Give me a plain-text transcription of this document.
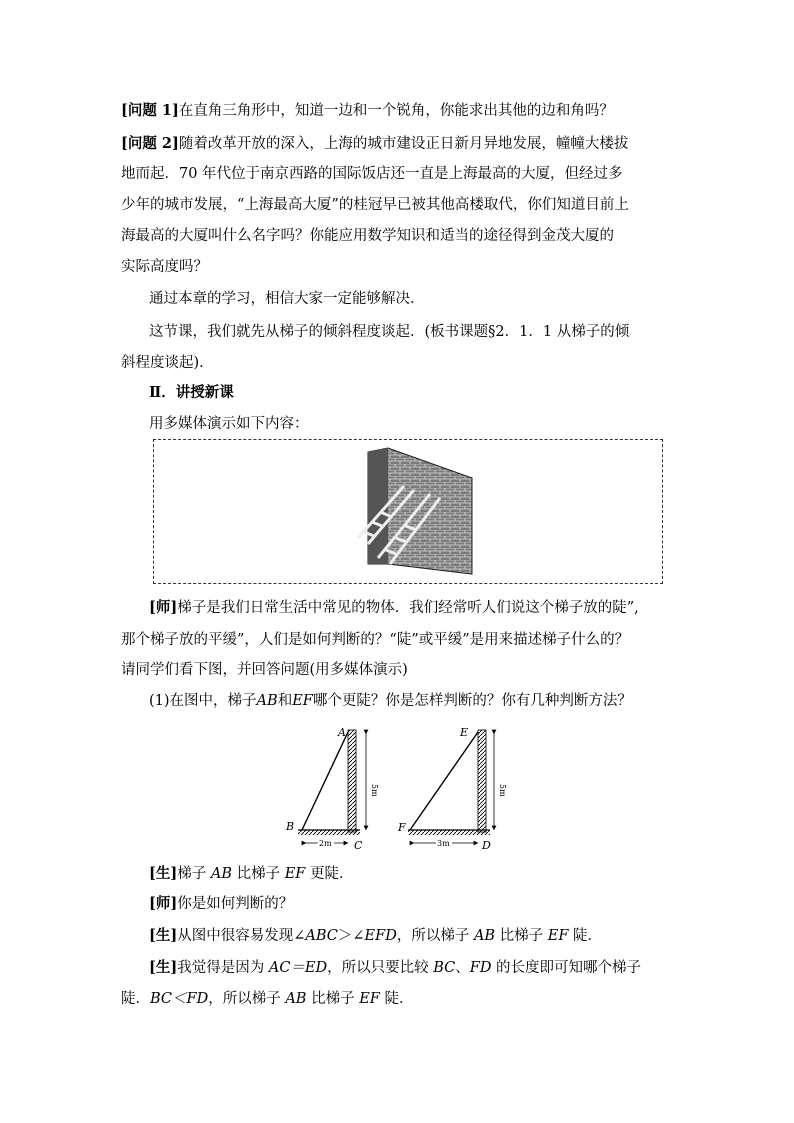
[问题 1]在直角三角形中，知道一边和一个锐角，你能求出其他的边和角吗？
[问题 2]随着改革开放的深入，上海的城市建设正日新月异地发展，幢幢大楼拔
地而起．70 年代位于南京西路的国际饭店还一直是上海最高的大厦，但经过多
少年的城市发展，“上海最高大厦”的桂冠早已被其他高楼取代，你们知道目前上
海最高的大厦叫什么名字吗？你能应用数学知识和适当的途径得到金茂大厦的
实际高度吗？
通过本章的学习，相信大家一定能够解决．
这节课，我们就先从梯子的倾斜程度谈起．(板书课题§2．1．1 从梯子的倾
斜程度谈起)．
Ⅱ．讲授新课
用多媒体演示如下内容：
[师]梯子是我们日常生活中常见的物体．我们经常听人们说这个梯子放的陡”,
那个梯子放的平缓”，人们是如何判断的？“陡”或平缓”是用来描述梯子什么的？
请同学们看下图，并回答问题(用多媒体演示)
(1)在图中，梯子AB和EF哪个更陡？你是怎样判断的？你有几种判断方法？
A
B
C
5m
2m
E
F
D
5m
3m
[生]梯子 AB 比梯子 EF 更陡．
[师]你是如何判断的？
[生]从图中很容易发现∠ABC＞∠EFD，所以梯子 AB 比梯子 EF 陡．
[生]我觉得是因为 AC＝ED，所以只要比较 BC、FD 的长度即可知哪个梯子
陡．BC＜FD，所以梯子 AB 比梯子 EF 陡．
